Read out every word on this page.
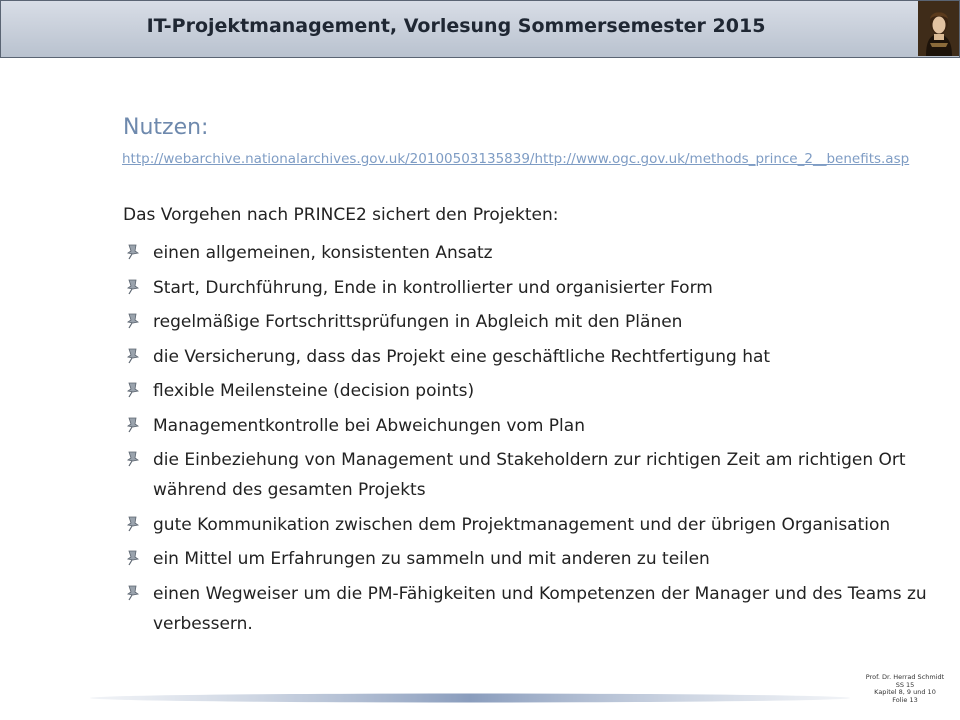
IT-Projektmanagement, Vorlesung Sommersemester 2015
Nutzen:
http://webarchive.nationalarchives.gov.uk/20100503135839/http://www.ogc.gov.uk/methods_prince_2__benefits.asp
Das Vorgehen nach PRINCE2 sichert den Projekten:
einen allgemeinen, konsistenten Ansatz
Start, Durchführung, Ende in kontrollierter und organisierter Form
regelmäßige Fortschrittsprüfungen in Abgleich mit den Plänen
die Versicherung, dass das Projekt eine geschäftliche Rechtfertigung hat
flexible Meilensteine (decision points)
Managementkontrolle bei Abweichungen vom Plan
die Einbeziehung von Management und Stakeholdern zur richtigen Zeit am richtigen Ort während des gesamten Projekts
gute Kommunikation zwischen dem Projektmanagement und der übrigen Organisation
ein Mittel um Erfahrungen zu sammeln und mit anderen zu teilen
einen Wegweiser um die PM-Fähigkeiten und Kompetenzen der Manager und des Teams zu verbessern.
Prof. Dr. Herrad Schmidt
SS 15
Kapitel 8, 9 und 10
Folie 13
